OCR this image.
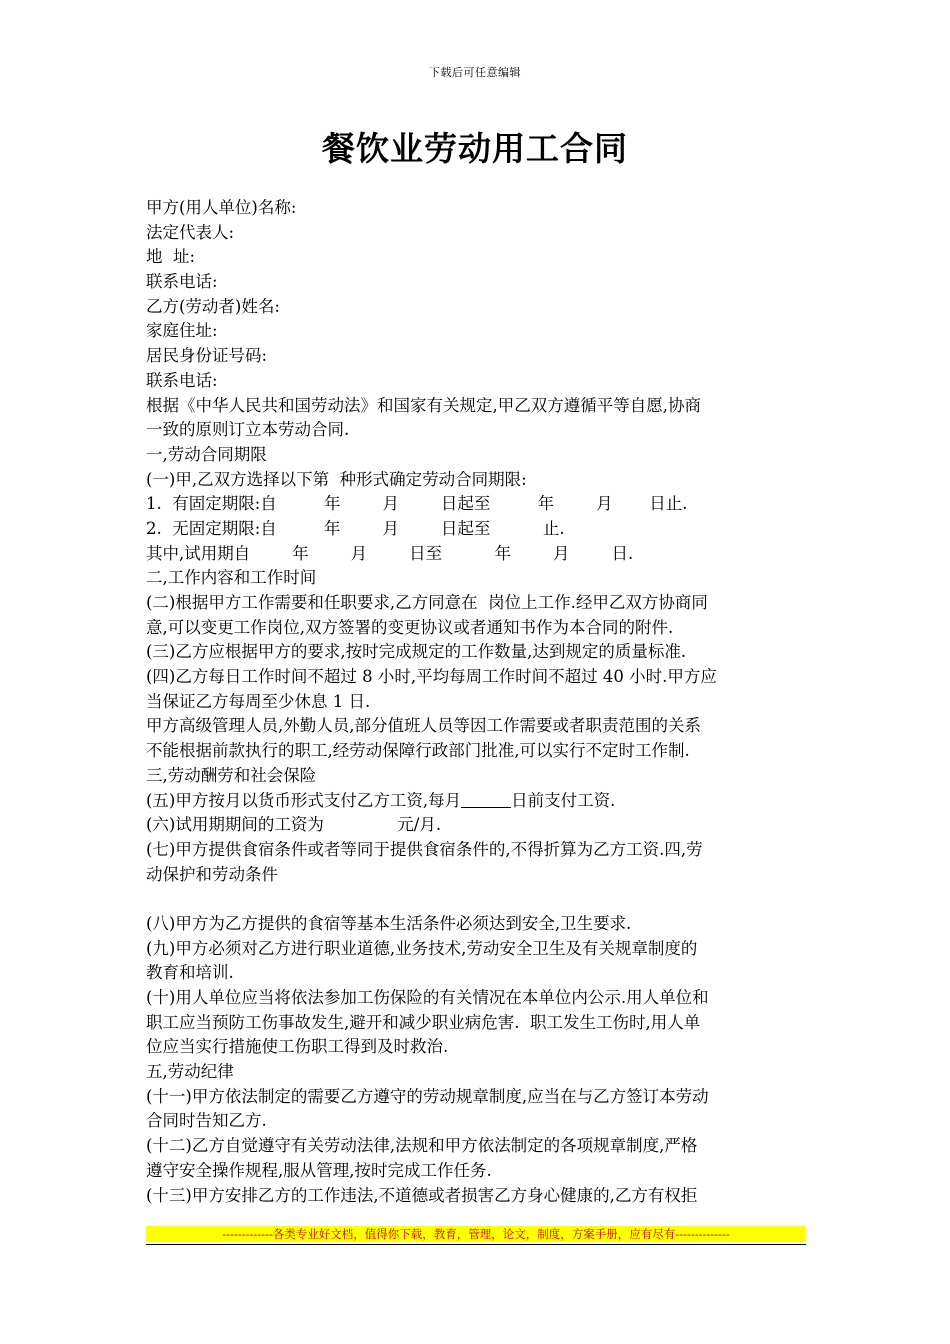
下载后可任意编辑
餐饮业劳动用工合同
甲方(用人单位)名称:
法定代表人:
地  址:
联系电话:
乙方(劳动者)姓名:
家庭住址:
居民身份证号码:
联系电话:
根据《中华人民共和国劳动法》和国家有关规定,甲乙双方遵循平等自愿,协商
一致的原则订立本劳动合同.
一,劳动合同期限
(一)甲,乙双方选择以下第  种形式确定劳动合同期限:
1.  有固定期限:自         年        月        日起至         年        月       日止.
2.  无固定期限:自         年        月        日起至          止.
其中,试用期自        年        月        日至          年        月        日.
二,工作内容和工作时间
(二)根据甲方工作需要和任职要求,乙方同意在  岗位上工作.经甲乙双方协商同
意,可以变更工作岗位,双方签署的变更协议或者通知书作为本合同的附件.
(三)乙方应根据甲方的要求,按时完成规定的工作数量,达到规定的质量标准.
(四)乙方每日工作时间不超过 8 小时,平均每周工作时间不超过 40 小时.甲方应
当保证乙方每周至少休息 1 日.
甲方高级管理人员,外勤人员,部分值班人员等因工作需要或者职责范围的关系
不能根据前款执行的职工,经劳动保障行政部门批准,可以实行不定时工作制.
三,劳动酬劳和社会保险
(五)甲方按月以货币形式支付乙方工资,每月	日前支付工资.
(六)试用期期间的工资为              元/月.
(七)甲方提供食宿条件或者等同于提供食宿条件的,不得折算为乙方工资.四,劳
动保护和劳动条件
(八)甲方为乙方提供的食宿等基本生活条件必须达到安全,卫生要求.
(九)甲方必须对乙方进行职业道德,业务技术,劳动安全卫生及有关规章制度的
教育和培训.
(十)用人单位应当将依法参加工伤保险的有关情况在本单位内公示.用人单位和
职工应当预防工伤事故发生,避开和减少职业病危害.  职工发生工伤时,用人单
位应当实行措施使工伤职工得到及时救治.
五,劳动纪律
(十一)甲方依法制定的需要乙方遵守的劳动规章制度,应当在与乙方签订本劳动
合同时告知乙方.
(十二)乙方自觉遵守有关劳动法律,法规和甲方依法制定的各项规章制度,严格
遵守安全操作规程,服从管理,按时完成工作任务.
(十三)甲方安排乙方的工作违法,不道德或者损害乙方身心健康的,乙方有权拒
-------------各类专业好文档，值得你下载，教育，管理，论文，制度，方案手册，应有尽有--------------
